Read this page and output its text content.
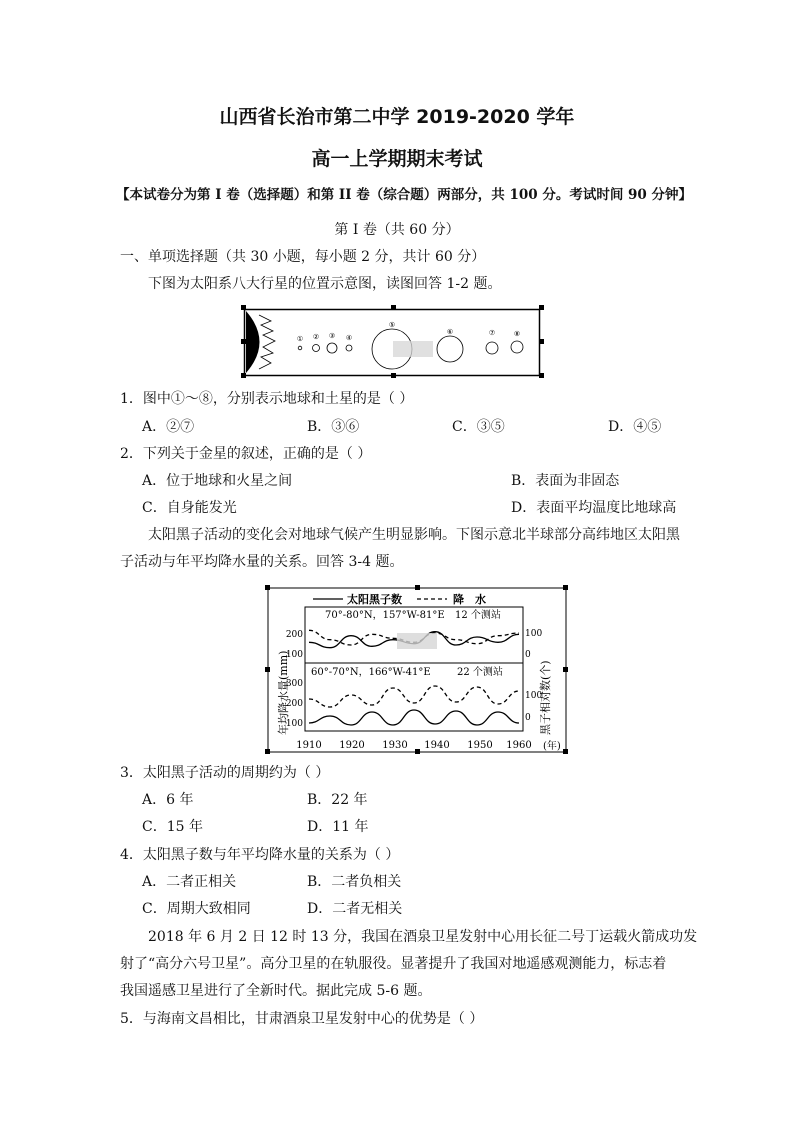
山西省长治市第二中学 2019-2020 学年
高一上学期期末考试
【本试卷分为第 I 卷（选择题）和第 II 卷（综合题）两部分，共 100 分。考试时间 90 分钟】
第 I 卷（共 60 分）
一、单项选择题（共 30 小题，每小题 2 分，共计 60 分）
下图为太阳系八大行星的位置示意图，读图回答 1-2 题。
① ② ③ ④
⑤
⑥	⑦	⑧
1．图中①～⑧，分别表示地球和土星的是（ ）
A．②⑦	B．③⑥	C．③⑤	D．④⑤
2．下列关于金星的叙述，正确的是（ ）
A．位于地球和火星之间	B．表面为非固态
C．自身能发光	D．表面平均温度比地球高
太阳黑子活动的变化会对地球气候产生明显影响。下图示意北半球部分高纬地区太阳黑
子活动与年平均降水量的关系。回答 3-4 题。
太阳黑子数	降　水
70°-80°N，157°W-81°E 12 个测站
60°-70°N，166°W-41°E	22 个测站
年均降水量(mm)	黑子相对数(个)
200
100
300
200
100
100
0
100
0
1910 1920 1930 1940 1950 1960 (年)
3．太阳黑子活动的周期约为（ ）
A．6 年	B．22 年
C．15 年	D．11 年
4．太阳黑子数与年平均降水量的关系为（ ）
A．二者正相关	B．二者负相关
C．周期大致相同	D．二者无相关
2018 年 6 月 2 日 12 时 13 分，我国在酒泉卫星发射中心用长征二号丁运载火箭成功发
射了“高分六号卫星”。高分卫星的在轨服役。显著提升了我国对地遥感观测能力，标志着
我国遥感卫星进行了全新时代。据此完成 5-6 题。
5．与海南文昌相比，甘肃酒泉卫星发射中心的优势是（ ）
